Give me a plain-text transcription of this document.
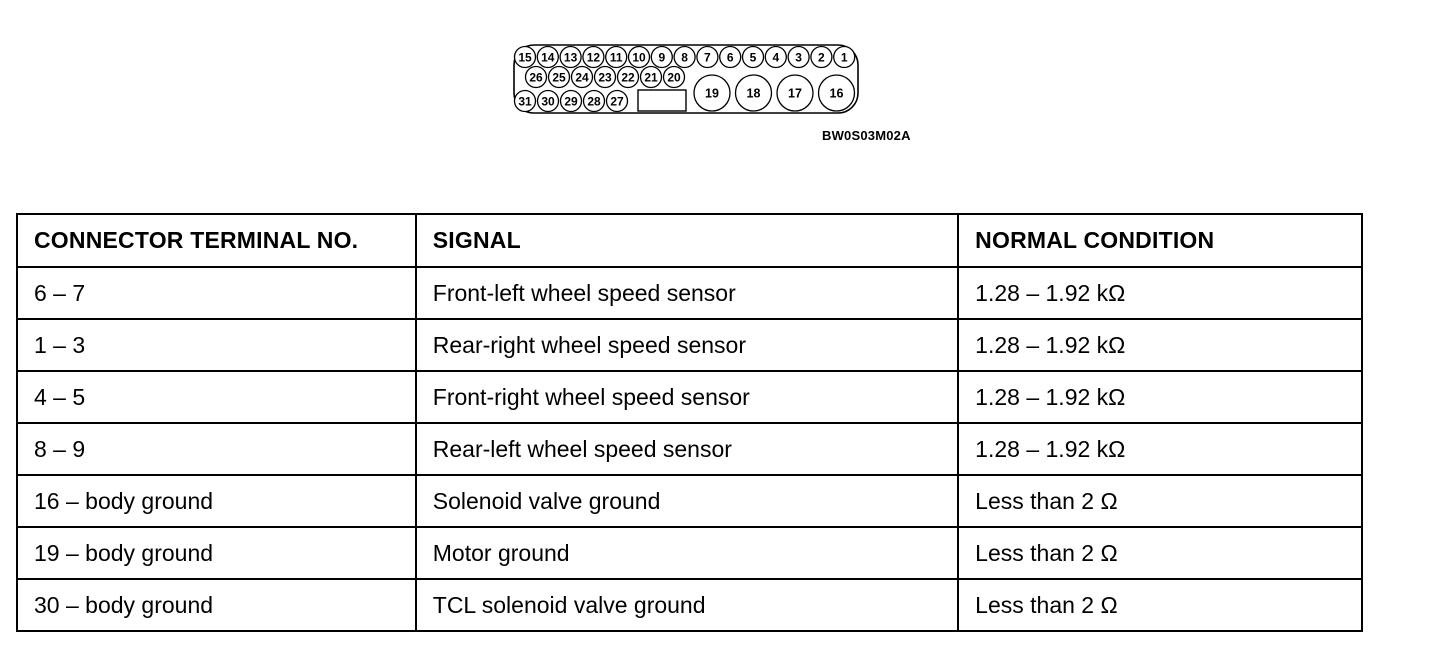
15 14 13 12 11 10 9 8 7 6 5 4 3 2 1
26 25 24 23 22 21 20
31 30 29 28 27
19 18 17 16
BW0S03M02A
CONNECTOR TERMINAL NO.	SIGNAL	NORMAL CONDITION
6 – 7	Front-left wheel speed sensor	1.28 – 1.92 kΩ
1 – 3	Rear-right wheel speed sensor	1.28 – 1.92 kΩ
4 – 5	Front-right wheel speed sensor	1.28 – 1.92 kΩ
8 – 9	Rear-left wheel speed sensor	1.28 – 1.92 kΩ
16 – body ground	Solenoid valve ground	Less than 2 Ω
19 – body ground	Motor ground	Less than 2 Ω
30 – body ground	TCL solenoid valve ground	Less than 2 Ω
